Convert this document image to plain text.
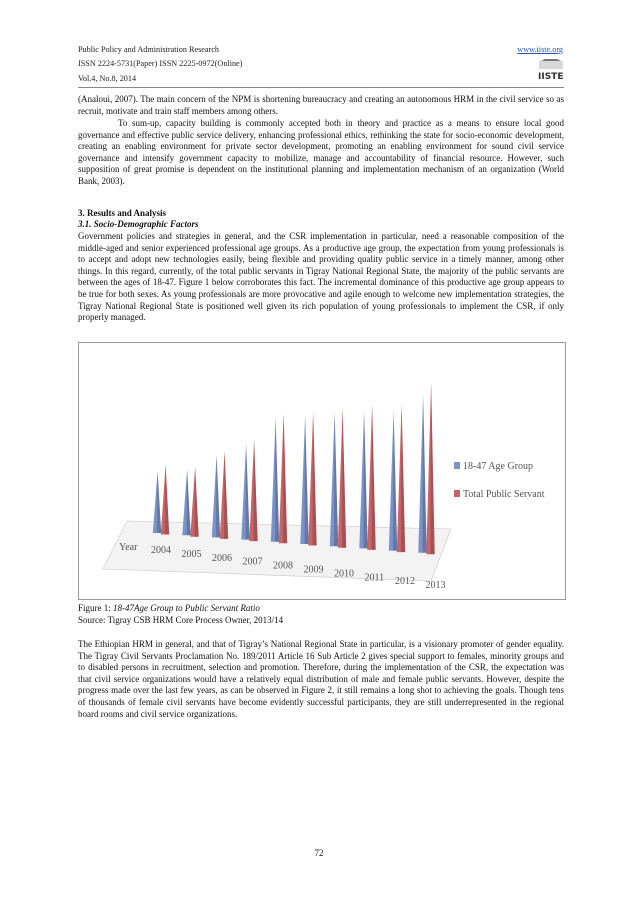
Public Policy and Administration Research
ISSN 2224-5731(Paper) ISSN 2225-0972(Online)
Vol.4, No.8, 2014
www.iiste.org
IISTE

(Analoui, 2007). The main concern of the NPM is shortening bureaucracy and creating an autonomous HRM in the civil service so as recruit, motivate and train staff members among others.

To sum-up, capacity building is commonly accepted both in theory and practice as a means to ensure local good governance and effective public service delivery, enhancing professional ethics, rethinking the state for socio-economic development, creating an enabling environment for private sector development, promoting an enabling environment for sound civil service governance and intensify government capacity to mobilize, manage and accountability of financial resource. However, such supposition of great promise is dependent on the institutional planning and implementation mechanism of an organization (World Bank, 2003).

3. Results and Analysis
3.1. Socio-Demographic Factors

Government policies and strategies in general, and the CSR implementation in particular, need a reasonable composition of the middle-aged and senior experienced professional age groups. As a productive age group, the expectation from young professionals is to accept and adopt new technologies easily, being flexible and providing quality public service in a timely manner, among other things. In this regard, currently, of the total public servants in Tigray National Regional State, the majority of the public servants are between the ages of 18-47. Figure 1 below corroborates this fact. The incremental dominance of this productive age group appears to be true for both sexes. As young professionals are more provocative and agile enough to welcome new implementation strategies, the Tigray National Regional State is positioned well given its rich population of young professionals to implement the CSR, if only properly managed.

2004 2005 2006 2007 2008 2009 2010 2011 2012 2013
Year
18-47 Age Group
Total Public Servant
Figure 1: 18-47Age Group to Public Servant Ratio
Source: Tigray CSB HRM Core Process Owner, 2013/14

The Ethiopian HRM in general, and that of Tigray’s National Regional State in particular, is a visionary promoter of gender equality. The Tigray Civil Servants Proclamation No. 189/2011 Article 16 Sub Article 2 gives special support to females, minority groups and to disabled persons in recruitment, selection and promotion. Therefore, during the implementation of the CSR, the expectation was that civil service organizations would have a relatively equal distribution of male and female public servants. However, despite the progress made over the last few years, as can be observed in Figure 2, it still remains a long shot to achieving the goals. Though tens of thousands of female civil servants have become evidently successful participants, they are still underrepresented in the regional board rooms and civil service organizations.

72
